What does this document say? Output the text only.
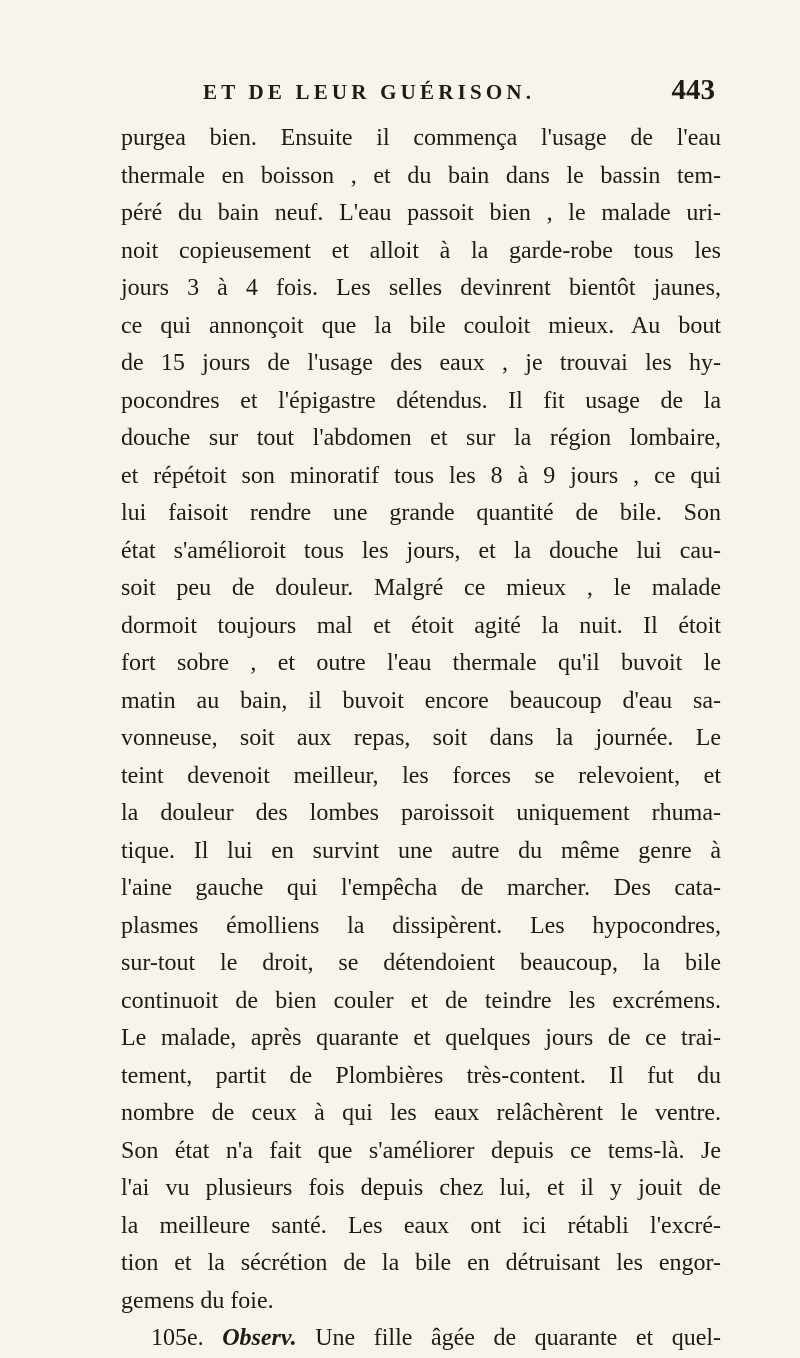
ET DE LEUR GUÉRISON.	443
purgea bien. Ensuite il commença l'usage de l'eau
thermale en boisson , et du bain dans le bassin tem-
péré du bain neuf. L'eau passoit bien , le malade uri-
noit copieusement et alloit à la garde-robe tous les
jours 3 à 4 fois. Les selles devinrent bientôt jaunes,
ce qui annonçoit que la bile couloit mieux. Au bout
de 15 jours de l'usage des eaux , je trouvai les hy-
pocondres et l'épigastre détendus. Il fit usage de la
douche sur tout l'abdomen et sur la région lombaire,
et répétoit son minoratif tous les 8 à 9 jours , ce qui
lui faisoit rendre une grande quantité de bile. Son
état s'amélioroit tous les jours, et la douche lui cau-
soit peu de douleur. Malgré ce mieux , le malade
dormoit toujours mal et étoit agité la nuit. Il étoit
fort sobre , et outre l'eau thermale qu'il buvoit le
matin au bain, il buvoit encore beaucoup d'eau sa-
vonneuse, soit aux repas, soit dans la journée. Le
teint devenoit meilleur, les forces se relevoient, et
la douleur des lombes paroissoit uniquement rhuma-
tique. Il lui en survint une autre du même genre à
l'aine gauche qui l'empêcha de marcher. Des cata-
plasmes émolliens la dissipèrent. Les hypocondres,
sur-tout le droit, se détendoient beaucoup, la bile
continuoit de bien couler et de teindre les excrémens.
Le malade, après quarante et quelques jours de ce trai-
tement, partit de Plombières très-content. Il fut du
nombre de ceux à qui les eaux relâchèrent le ventre.
Son état n'a fait que s'améliorer depuis ce tems-là. Je
l'ai vu plusieurs fois depuis chez lui, et il y jouit de
la meilleure santé. Les eaux ont ici rétabli l'excré-
tion et la sécrétion de la bile en détruisant les engor-
gemens du foie.
105e. Observ. Une fille âgée de quarante et quel-
